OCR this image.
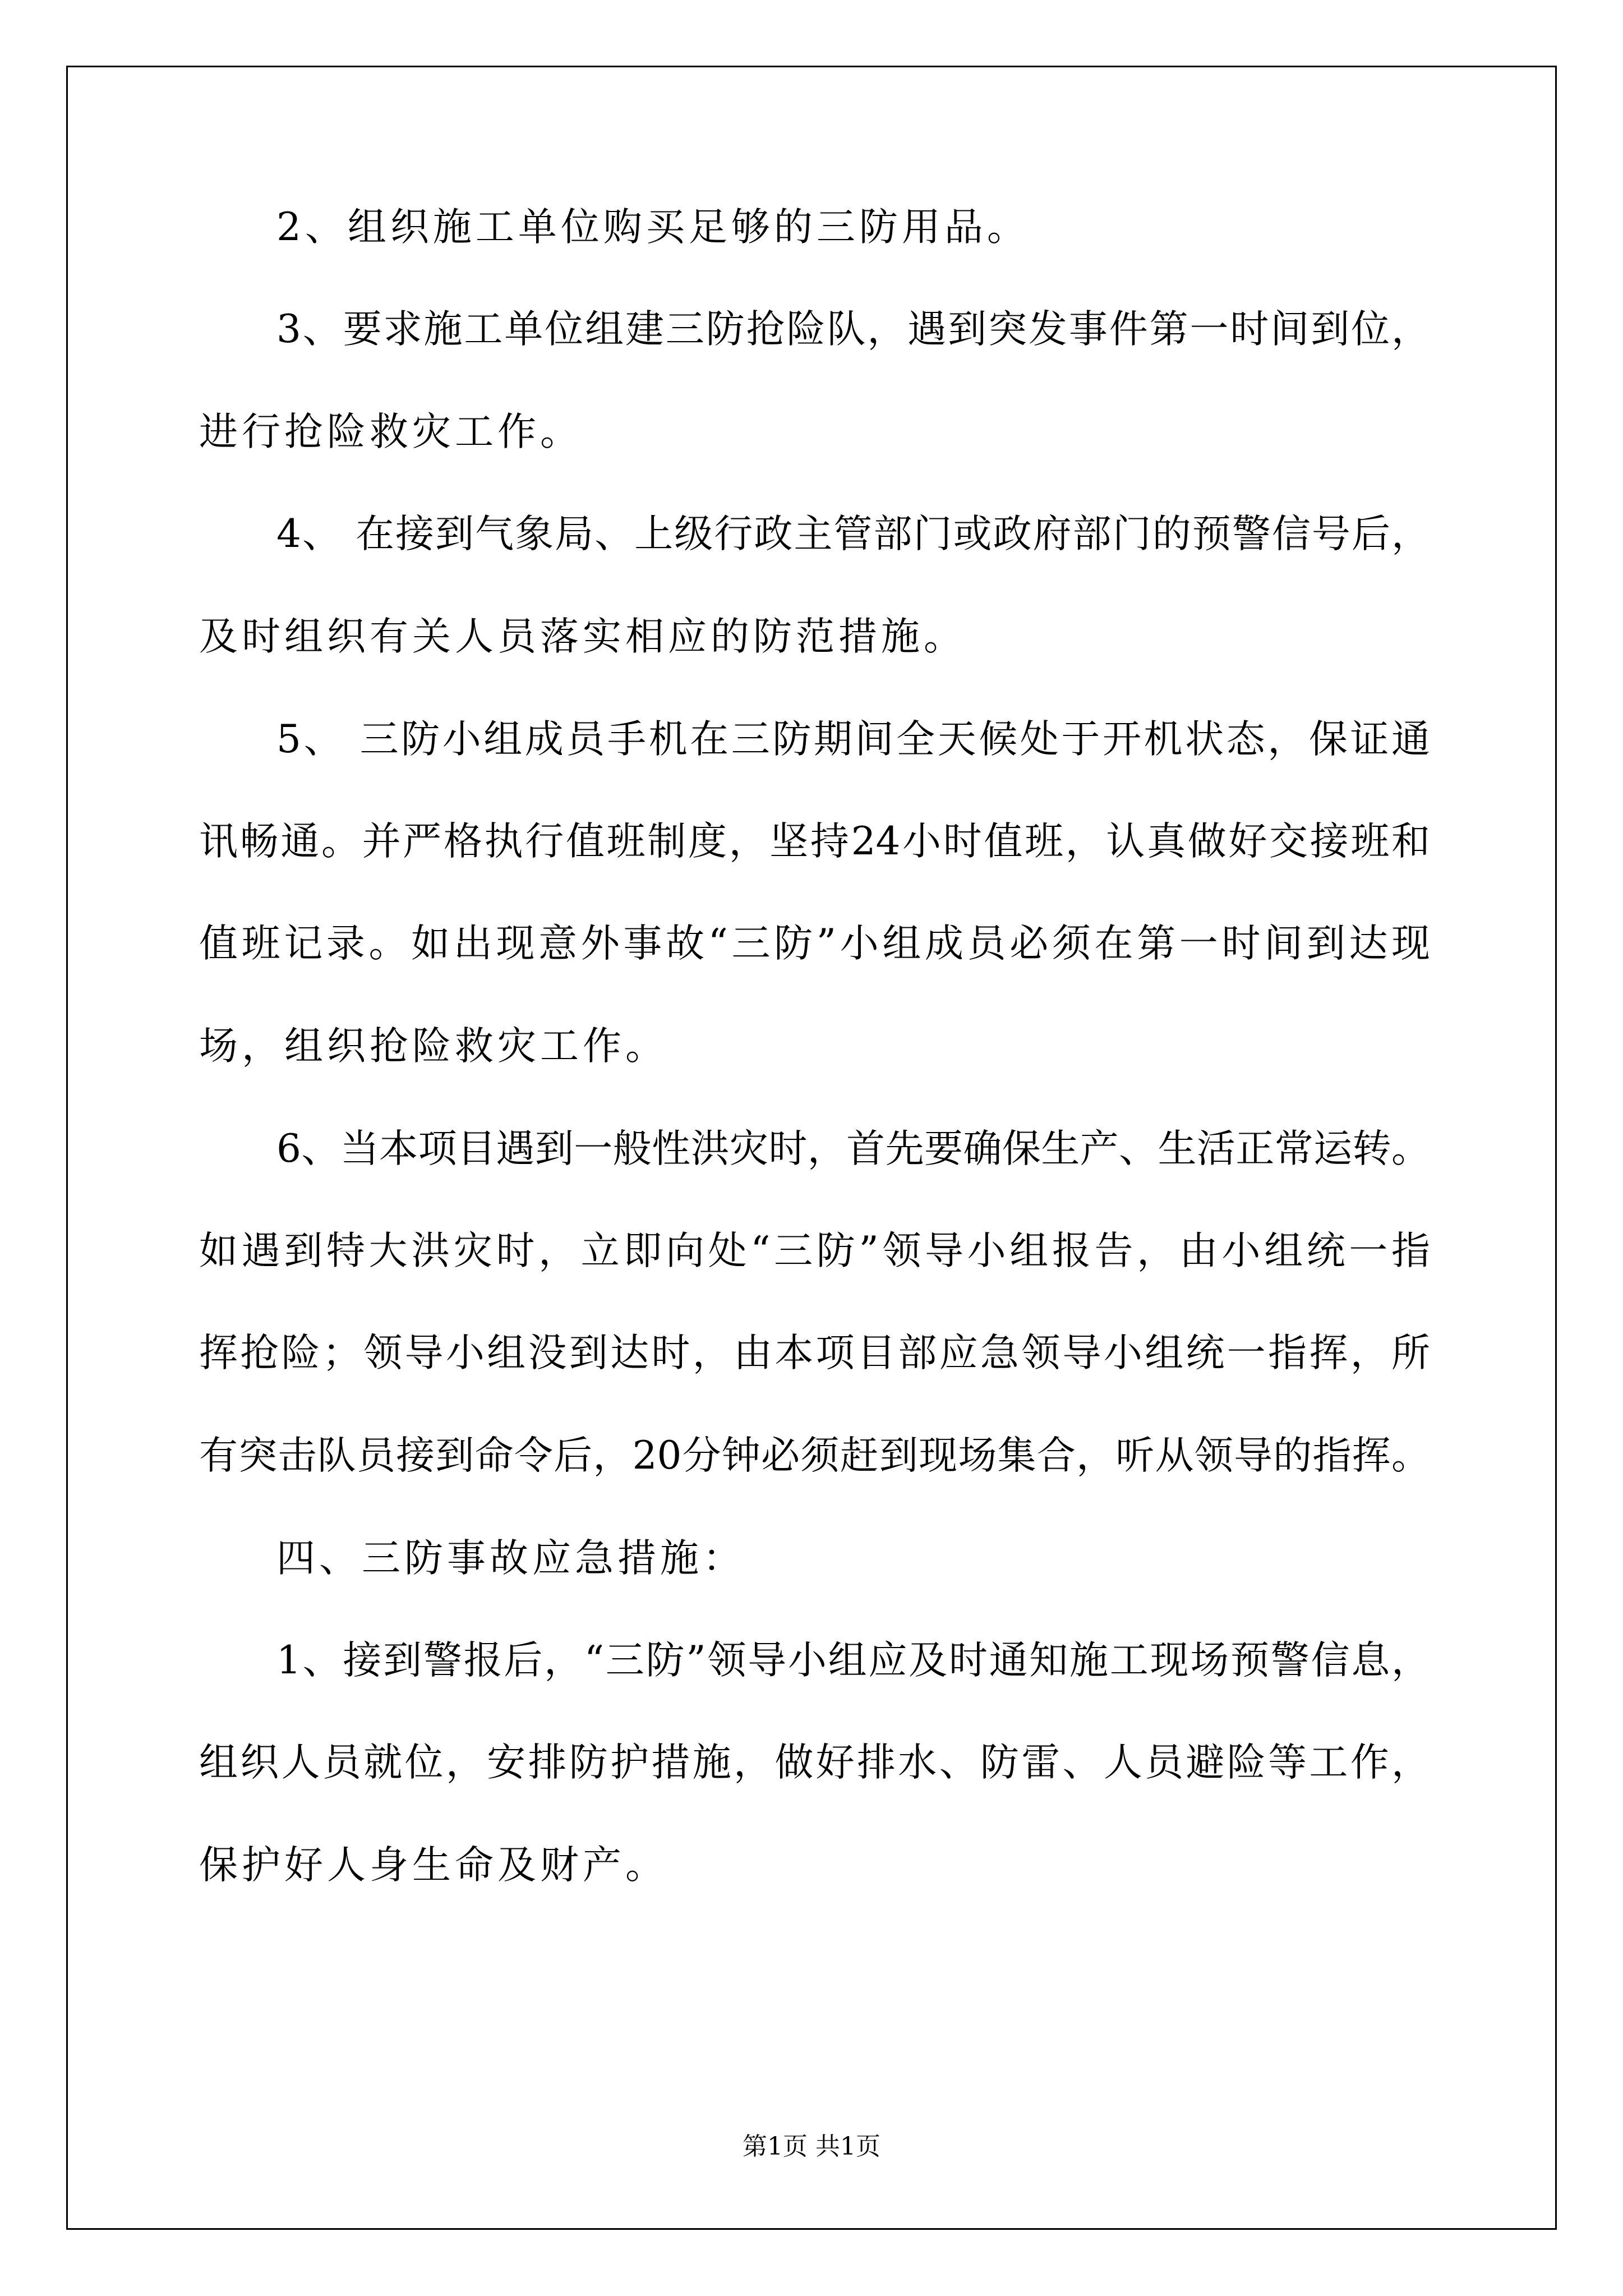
2、组织施工单位购买足够的三防用品。
3、要求施工单位组建三防抢险队，遇到突发事件第一时间到位，
进行抢险救灾工作。
4、 在接到气象局、上级行政主管部门或政府部门的预警信号后，
及时组织有关人员落实相应的防范措施。
5、 三防小组成员手机在三防期间全天候处于开机状态，保证通
讯畅通。并严格执行值班制度，坚持24小时值班，认真做好交接班和
值班记录。如出现意外事故“三防”小组成员必须在第一时间到达现
场，组织抢险救灾工作。
6、当本项目遇到一般性洪灾时，首先要确保生产、生活正常运转。
如遇到特大洪灾时，立即向处“三防”领导小组报告，由小组统一指
挥抢险；领导小组没到达时，由本项目部应急领导小组统一指挥，所
有突击队员接到命令后，20分钟必须赶到现场集合，听从领导的指挥。
四、三防事故应急措施：
1、接到警报后，“三防”领导小组应及时通知施工现场预警信息，
组织人员就位，安排防护措施，做好排水、防雷、人员避险等工作，
保护好人身生命及财产。
第1页 共1页
